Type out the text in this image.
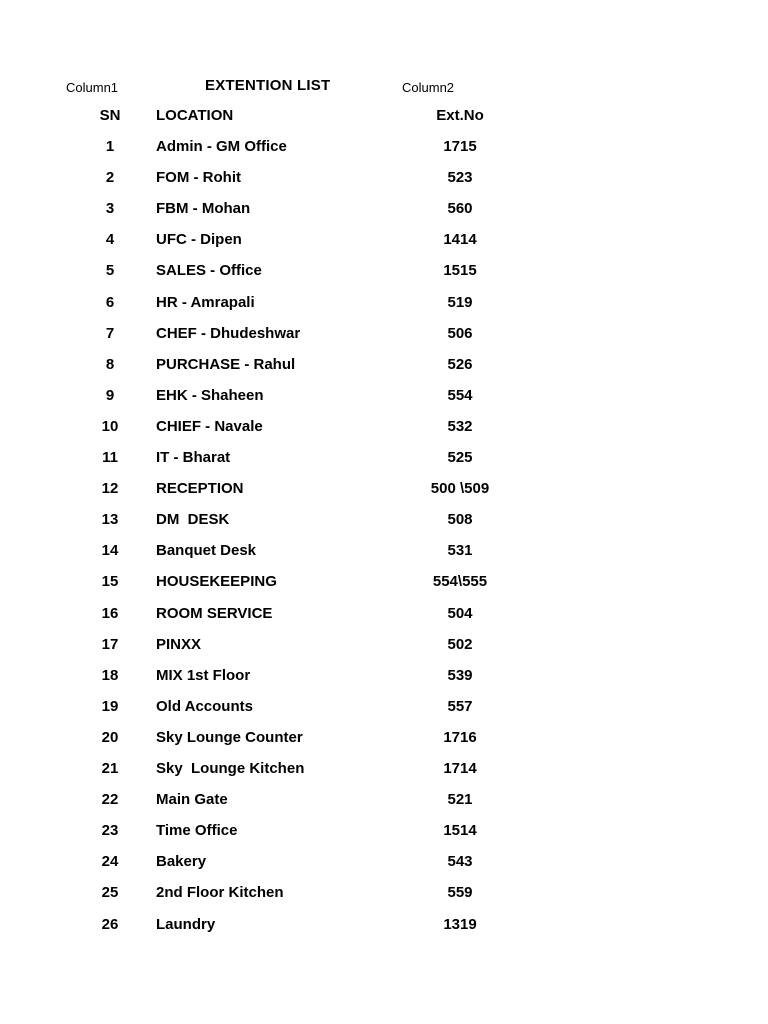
Column1	EXTENTION LIST	Column2
SN	LOCATION	Ext.No
1	Admin - GM Office	1715
2	FOM - Rohit	523
3	FBM - Mohan	560
4	UFC - Dipen	1414
5	SALES - Office	1515
6	HR - Amrapali	519
7	CHEF - Dhudeshwar	506
8	PURCHASE - Rahul	526
9	EHK - Shaheen	554
10	CHIEF - Navale	532
11	IT - Bharat	525
12	RECEPTION	500 \509
13	DM  DESK	508
14	Banquet Desk	531
15	HOUSEKEEPING	554\555
16	ROOM SERVICE	504
17	PINXX	502
18	MIX 1st Floor	539
19	Old Accounts	557
20	Sky Lounge Counter	1716
21	Sky  Lounge Kitchen	1714
22	Main Gate	521
23	Time Office	1514
24	Bakery	543
25	2nd Floor Kitchen	559
26	Laundry	1319
